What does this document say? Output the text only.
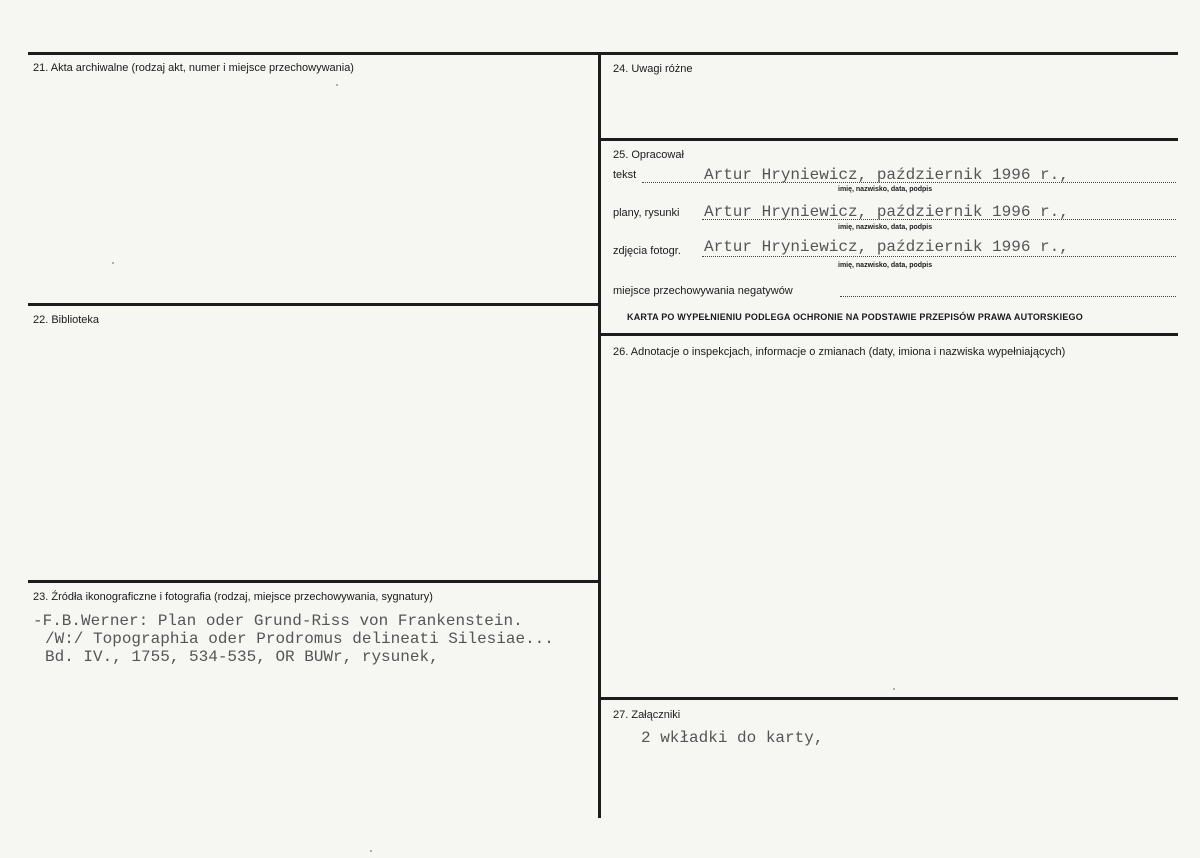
21. Akta archiwalne (rodzaj akt, numer i miejsce przechowywania)
22. Biblioteka
23. Źródła ikonograficzne i fotografia (rodzaj, miejsce przechowywania, sygnatury)
-F.B.Werner: Plan oder Grund-Riss von Frankenstein.
/W:/ Topographia oder Prodromus delineati Silesiae...
Bd. IV., 1755, 534-535, OR BUWr, rysunek,
24. Uwagi różne
25. Opracował
tekst	Artur Hryniewicz, październik 1996 r.,
imię, nazwisko, data, podpis
plany, rysunki Artur Hryniewicz, październik 1996 r.,
imię, nazwisko, data, podpis
zdjęcia fotogr. Artur Hryniewicz, październik 1996 r.,
imię, nazwisko, data, podpis
miejsce przechowywania negatywów
KARTA PO WYPEŁNIENIU PODLEGA OCHRONIE NA PODSTAWIE PRZEPISÓW PRAWA AUTORSKIEGO
26. Adnotacje o inspekcjach, informacje o zmianach (daty, imiona i nazwiska wypełniających)
27. Załączniki
2 wkładki do karty,
